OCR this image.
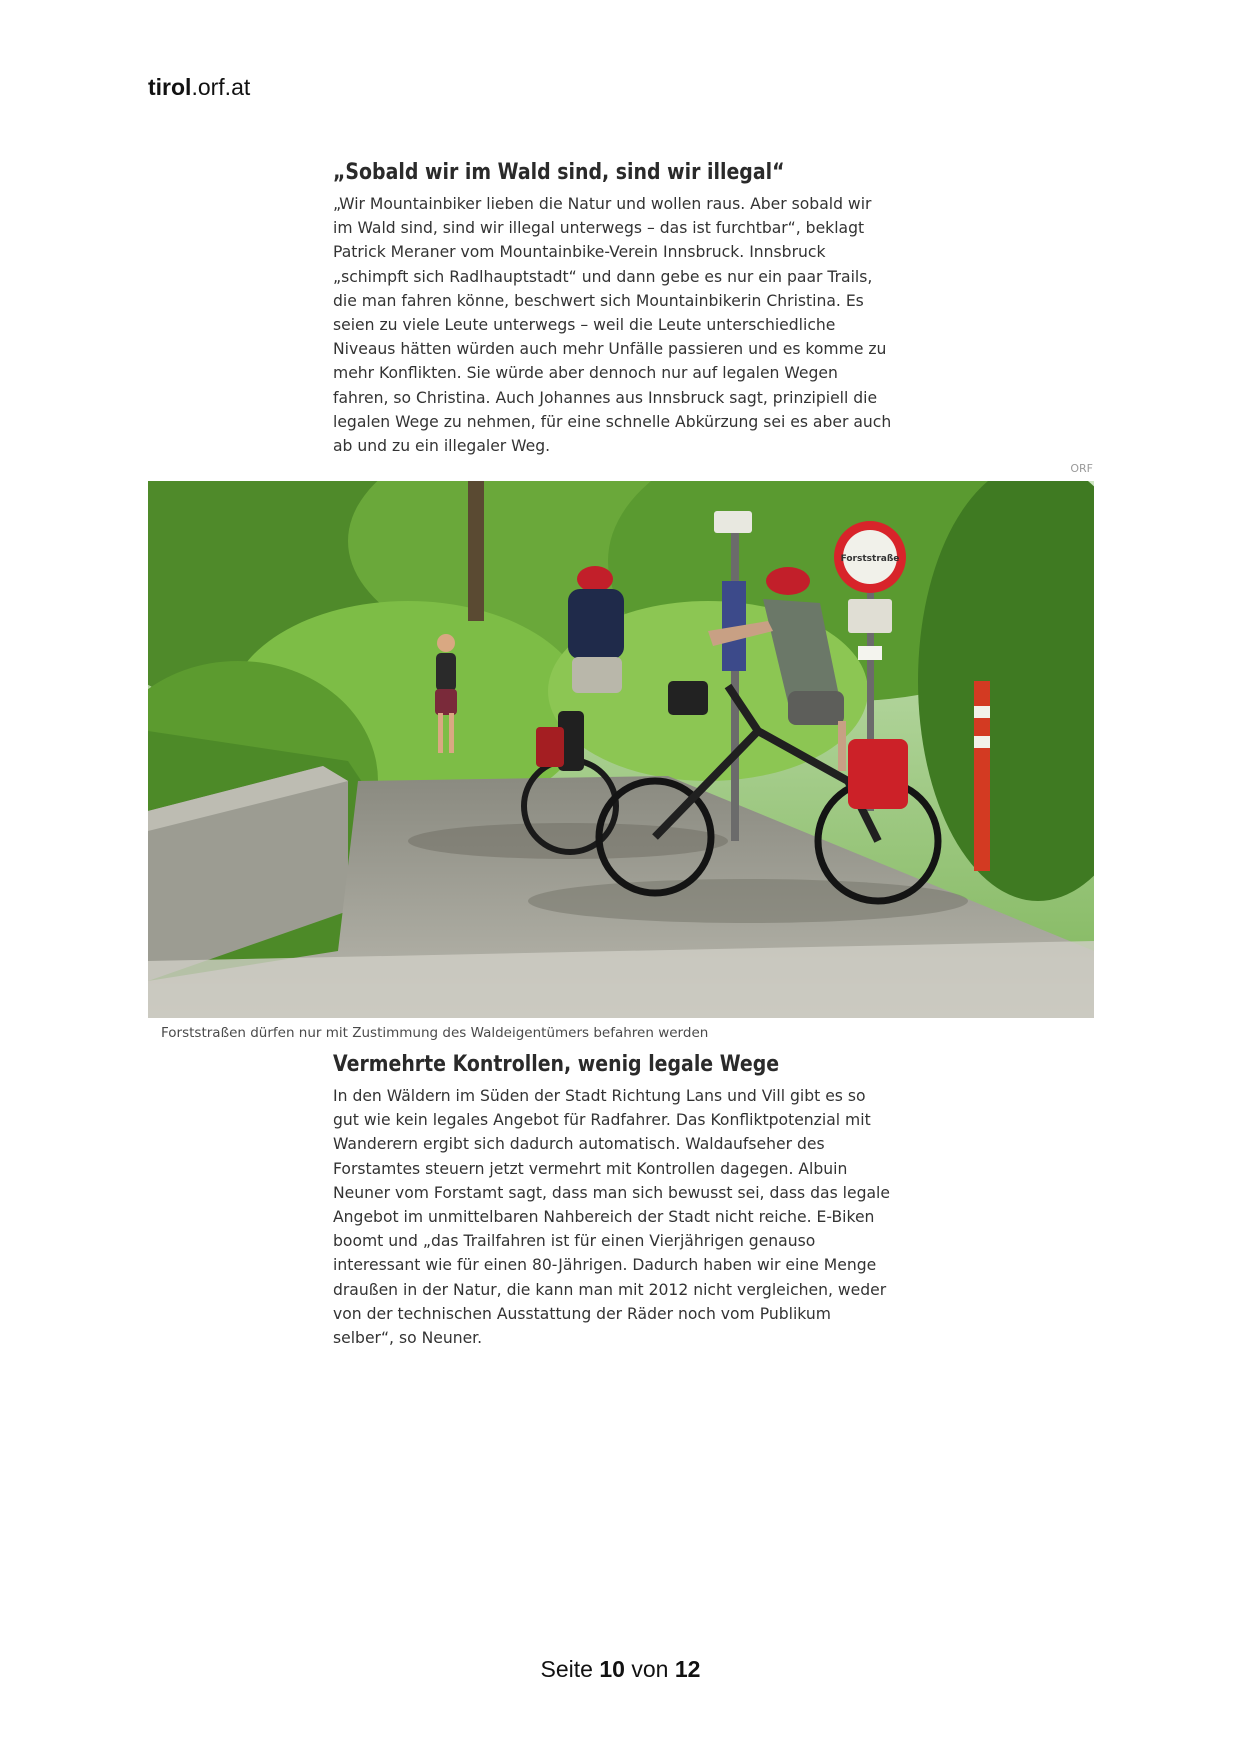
tirol.orf.at
„Sobald wir im Wald sind, sind wir illegal“

„Wir Mountainbiker lieben die Natur und wollen raus. Aber sobald wir
im Wald sind, sind wir illegal unterwegs – das ist furchtbar“, beklagt
Patrick Meraner vom Mountainbike-Verein Innsbruck. Innsbruck
„schimpft sich Radlhauptstadt“ und dann gebe es nur ein paar Trails,
die man fahren könne, beschwert sich Mountainbikerin Christina. Es
seien zu viele Leute unterwegs – weil die Leute unterschiedliche
Niveaus hätten würden auch mehr Unfälle passieren und es komme zu
mehr Konflikten. Sie würde aber dennoch nur auf legalen Wegen
fahren, so Christina. Auch Johannes aus Innsbruck sagt, prinzipiell die
legalen Wege zu nehmen, für eine schnelle Abkürzung sei es aber auch
ab und zu ein illegaler Weg.

ORF
Forststraße
Forststraßen dürfen nur mit Zustimmung des Waldeigentümers befahren werden
Vermehrte Kontrollen, wenig legale Wege

In den Wäldern im Süden der Stadt Richtung Lans und Vill gibt es so
gut wie kein legales Angebot für Radfahrer. Das Konfliktpotenzial mit
Wanderern ergibt sich dadurch automatisch. Waldaufseher des
Forstamtes steuern jetzt vermehrt mit Kontrollen dagegen. Albuin
Neuner vom Forstamt sagt, dass man sich bewusst sei, dass das legale
Angebot im unmittelbaren Nahbereich der Stadt nicht reiche. E-Biken
boomt und „das Trailfahren ist für einen Vierjährigen genauso
interessant wie für einen 80-Jährigen. Dadurch haben wir eine Menge
draußen in der Natur, die kann man mit 2012 nicht vergleichen, weder
von der technischen Ausstattung der Räder noch vom Publikum
selber“, so Neuner.

Seite 10 von 12
